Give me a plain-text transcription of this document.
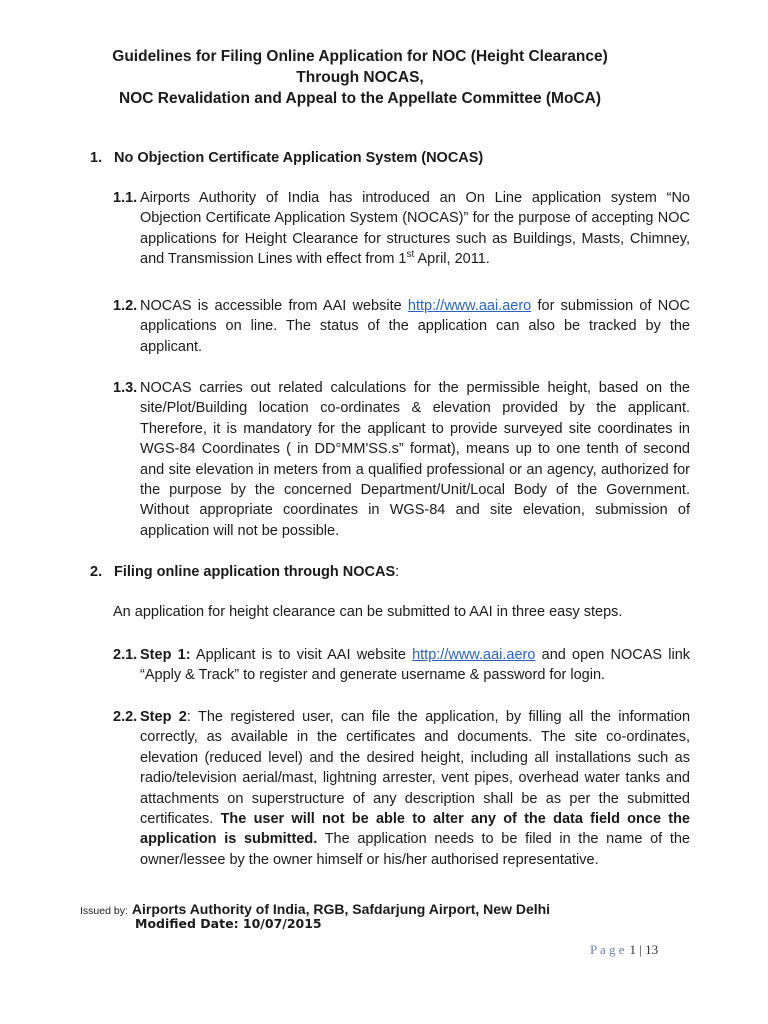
Guidelines for Filing Online Application for NOC (Height Clearance)
Through NOCAS,
NOC Revalidation and Appeal to the Appellate Committee (MoCA)
1. No Objection Certificate Application System (NOCAS)
1.1. Airports Authority of India has introduced an On Line application system “No Objection Certificate Application System (NOCAS)” for the purpose of accepting NOC applications for Height Clearance for structures such as Buildings, Masts, Chimney, and Transmission Lines with effect from 1st April, 2011.
1.2. NOCAS is accessible from AAI website http://www.aai.aero for submission of NOC applications on line. The status of the application can also be tracked by the applicant.
1.3. NOCAS carries out related calculations for the permissible height, based on the site/Plot/Building location co-ordinates & elevation provided by the applicant. Therefore, it is mandatory for the applicant to provide surveyed site coordinates in WGS-84 Coordinates ( in DD°MM'SS.s” format), means up to one tenth of second and site elevation in meters from a qualified professional or an agency, authorized for the purpose by the concerned Department/Unit/Local Body of the Government. Without appropriate coordinates in WGS-84 and site elevation, submission of application will not be possible.
2. Filing online application through NOCAS:
An application for height clearance can be submitted to AAI in three easy steps.
2.1. Step 1: Applicant is to visit AAI website http://www.aai.aero and open NOCAS link “Apply & Track” to register and generate username & password for login.
2.2. Step 2: The registered user, can file the application, by filling all the information correctly, as available in the certificates and documents. The site co-ordinates, elevation (reduced level) and the desired height, including all installations such as radio/television aerial/mast, lightning arrester, vent pipes, overhead water tanks and attachments on superstructure of any description shall be as per the submitted certificates. The user will not be able to alter any of the data field once the application is submitted. The application needs to be filed in the name of the owner/lessee by the owner himself or his/her authorised representative.
Issued by: Airports Authority of India, RGB, Safdarjung Airport, New Delhi
Modified Date: 10/07/2015
P a g e 1 | 13
